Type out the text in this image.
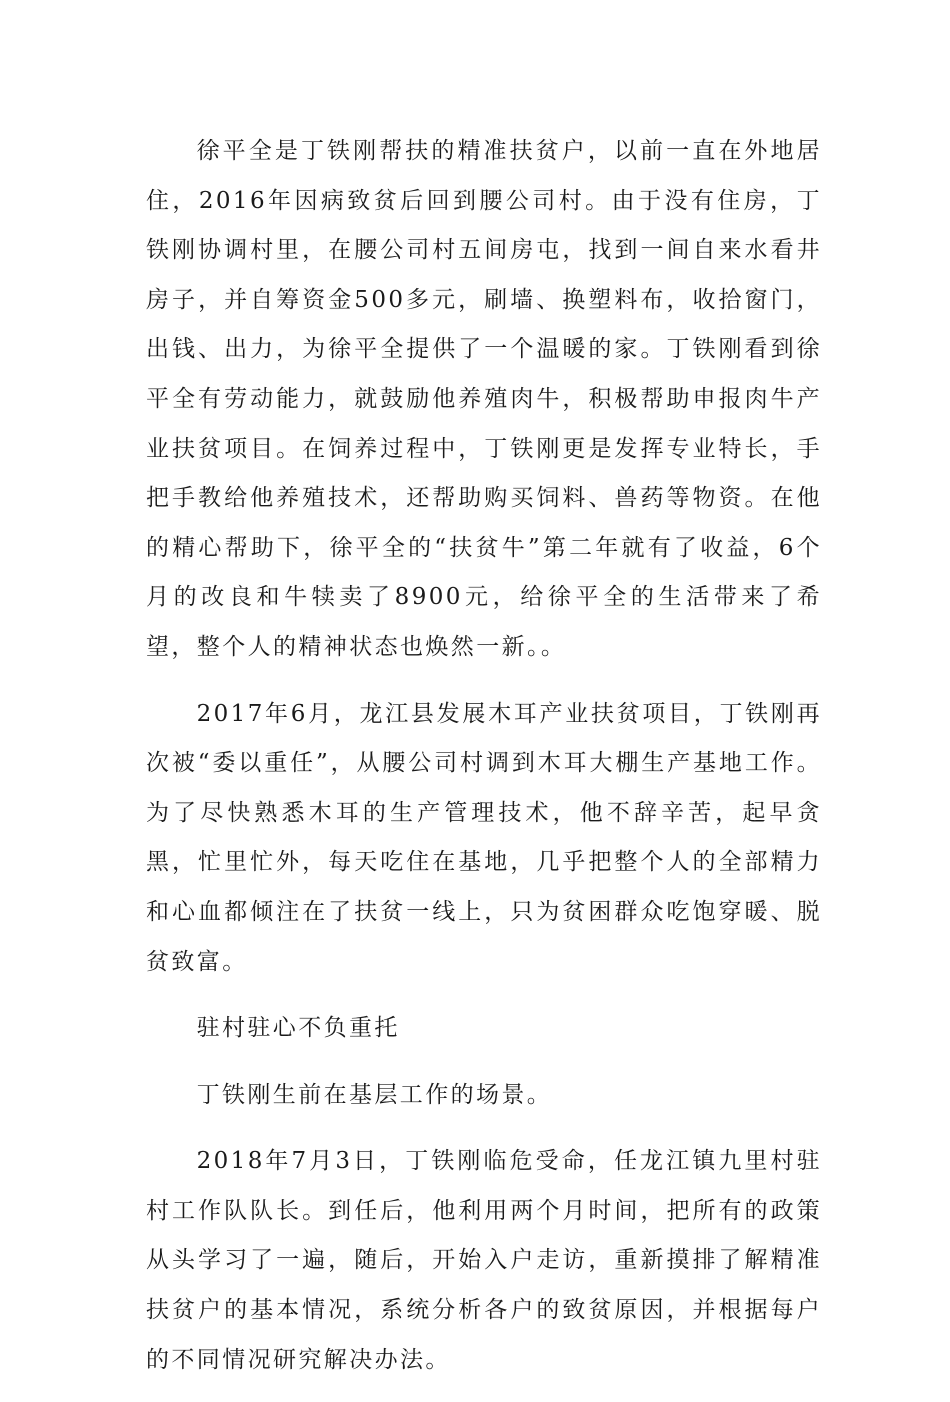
徐平全是丁铁刚帮扶的精准扶贫户，以前一直在外地居住，2016年因病致贫后回到腰公司村。由于没有住房，丁铁刚协调村里，在腰公司村五间房屯，找到一间自来水看井房子，并自筹资金500多元，刷墙、换塑料布，收拾窗门，出钱、出力，为徐平全提供了一个温暖的家。丁铁刚看到徐平全有劳动能力，就鼓励他养殖肉牛，积极帮助申报肉牛产业扶贫项目。在饲养过程中，丁铁刚更是发挥专业特长，手把手教给他养殖技术，还帮助购买饲料、兽药等物资。在他的精心帮助下，徐平全的“扶贫牛”第二年就有了收益，6个月的改良和牛犊卖了8900元，给徐平全的生活带来了希望，整个人的精神状态也焕然一新。。

2017年6月，龙江县发展木耳产业扶贫项目，丁铁刚再次被“委以重任”，从腰公司村调到木耳大棚生产基地工作。为了尽快熟悉木耳的生产管理技术，他不辞辛苦，起早贪黑，忙里忙外，每天吃住在基地，几乎把整个人的全部精力和心血都倾注在了扶贫一线上，只为贫困群众吃饱穿暖、脱贫致富。

驻村驻心不负重托

丁铁刚生前在基层工作的场景。

2018年7月3日，丁铁刚临危受命，任龙江镇九里村驻村工作队队长。到任后，他利用两个月时间，把所有的政策从头学习了一遍，随后，开始入户走访，重新摸排了解精准扶贫户的基本情况，系统分析各户的致贫原因，并根据每户的不同情况研究解决办法。
